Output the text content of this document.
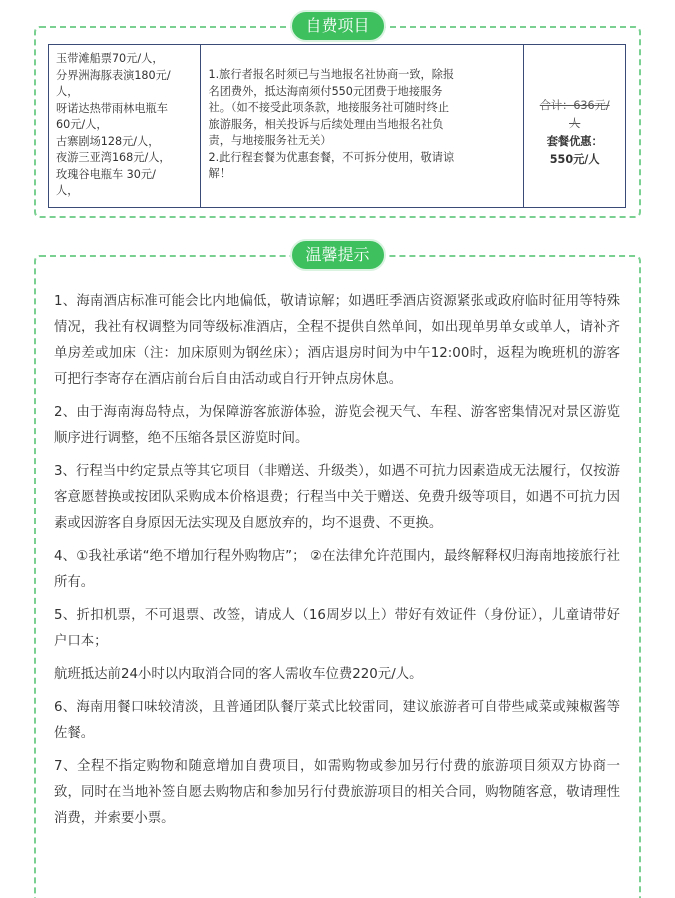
自费项目
玉带滩船票70元/人，
分界洲海豚表演180元/
人，
呀诺达热带雨林电瓶车
60元/人，
古寨剧场128元/人，
夜游三亚湾168元/人，
玫瑰谷电瓶车 30元/
人，
1.旅行者报名时须已与当地报名社协商一致，除报
名团费外，抵达海南须付550元团费于地接服务
社。（如不接受此项条款，地接服务社可随时终止
旅游服务，相关投诉与后续处理由当地报名社负
责，与地接服务社无关）
2.此行程套餐为优惠套餐，不可拆分使用，敬请谅
解！
合计：636元/
人
套餐优惠：
550元/人
温馨提示

1、海南酒店标准可能会比内地偏低，敬请谅解；如遇旺季酒店资源紧张或政府临时征用等特殊情况，我社有权调整为同等级标准酒店，全程不提供自然单间，如出现单男单女或单人，请补齐单房差或加床（注：加床原则为钢丝床）；酒店退房时间为中午12:00时，返程为晚班机的游客可把行李寄存在酒店前台后自由活动或自行开钟点房休息。

2、由于海南海岛特点，为保障游客旅游体验，游览会视天气、车程、游客密集情况对景区游览顺序进行调整，绝不压缩各景区游览时间。

3、行程当中约定景点等其它项目（非赠送、升级类），如遇不可抗力因素造成无法履行，仅按游客意愿替换或按团队采购成本价格退费；行程当中关于赠送、免费升级等项目，如遇不可抗力因素或因游客自身原因无法实现及自愿放弃的，均不退费、不更换。

4、①我社承诺“绝不增加行程外购物店”； ②在法律允许范围内，最终解释权归海南地接旅行社所有。

5、折扣机票，不可退票、改签，请成人（16周岁以上）带好有效证件（身份证），儿童请带好户口本；

航班抵达前24小时以内取消合同的客人需收车位费220元/人。

6、海南用餐口味较清淡，且普通团队餐厅菜式比较雷同，建议旅游者可自带些咸菜或辣椒酱等佐餐。

7、全程不指定购物和随意增加自费项目，如需购物或参加另行付费的旅游项目须双方协商一致，同时在当地补签自愿去购物店和参加另行付费旅游项目的相关合同，购物随客意，敬请理性消费，并索要小票。
